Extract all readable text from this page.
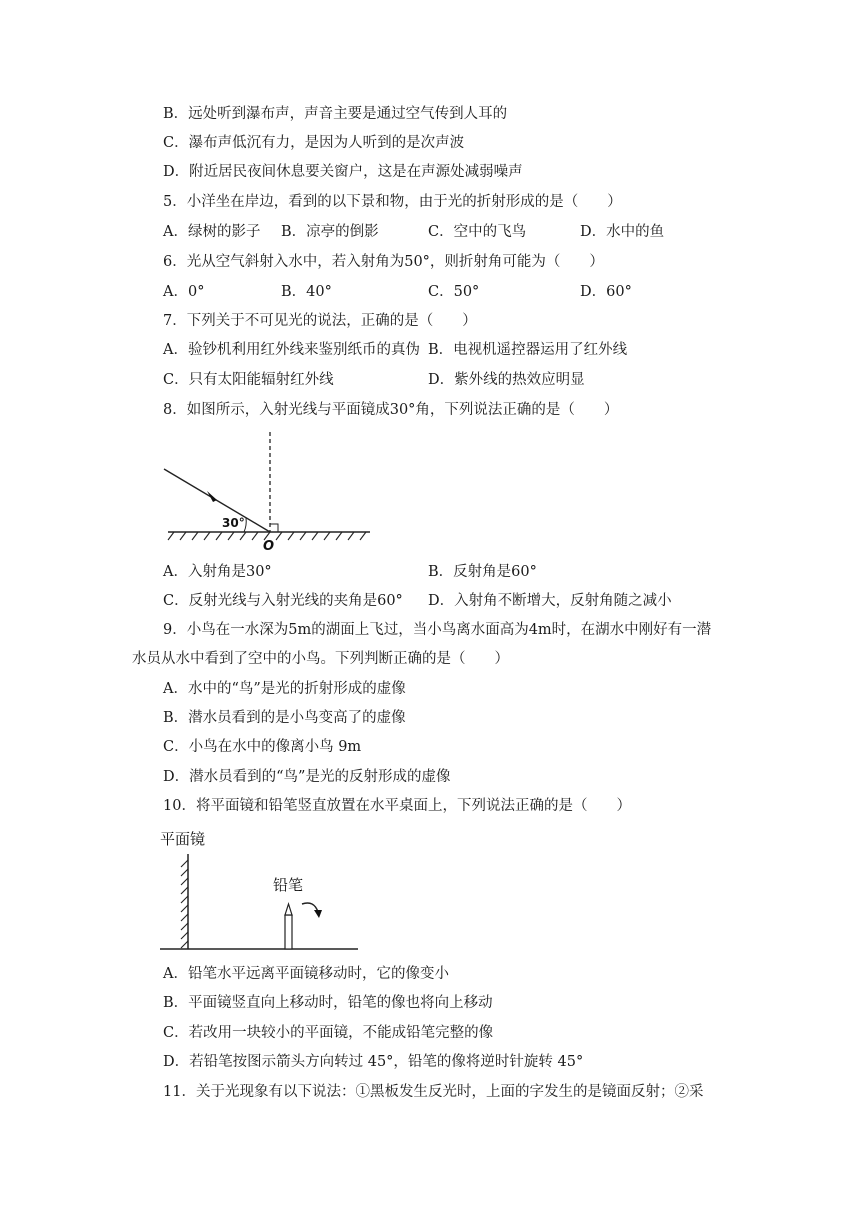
B．远处听到瀑布声，声音主要是通过空气传到人耳的
C．瀑布声低沉有力，是因为人听到的是次声波
D．附近居民夜间休息要关窗户，这是在声源处减弱噪声
5．小洋坐在岸边，看到的以下景和物，由于光的折射形成的是（　　）
A．绿树的影子 B．凉亭的倒影	C．空中的飞鸟	D．水中的鱼
6．光从空气斜射入水中，若入射角为50°，则折射角可能为（　　）
A．0°	B．40°	C．50°	D．60°
7．下列关于不可见光的说法，正确的是（　　）
A．验钞机利用红外线来鉴别纸币的真伪 B．电视机遥控器运用了红外线
C．只有太阳能辐射红外线	D．紫外线的热效应明显
8．如图所示，入射光线与平面镜成30°角，下列说法正确的是（　　）
30°
O
A．入射角是30°	B．反射角是60°
C．反射光线与入射光线的夹角是60° D．入射角不断增大，反射角随之减小
9．小鸟在一水深为5m的湖面上飞过，当小鸟离水面高为4m时，在湖水中刚好有一潜
水员从水中看到了空中的小鸟。下列判断正确的是（　　）
A．水中的“鸟”是光的折射形成的虚像
B．潜水员看到的是小鸟变高了的虚像
C．小鸟在水中的像离小鸟 9m
D．潜水员看到的“鸟”是光的反射形成的虚像
10．将平面镜和铅笔竖直放置在水平桌面上，下列说法正确的是（　　）
平面镜
铅笔
A．铅笔水平远离平面镜移动时，它的像变小
B．平面镜竖直向上移动时，铅笔的像也将向上移动
C．若改用一块较小的平面镜，不能成铅笔完整的像
D．若铅笔按图示箭头方向转过 45°，铅笔的像将逆时针旋转 45°
11．关于光现象有以下说法：①黑板发生反光时，上面的字发生的是镜面反射；②采
